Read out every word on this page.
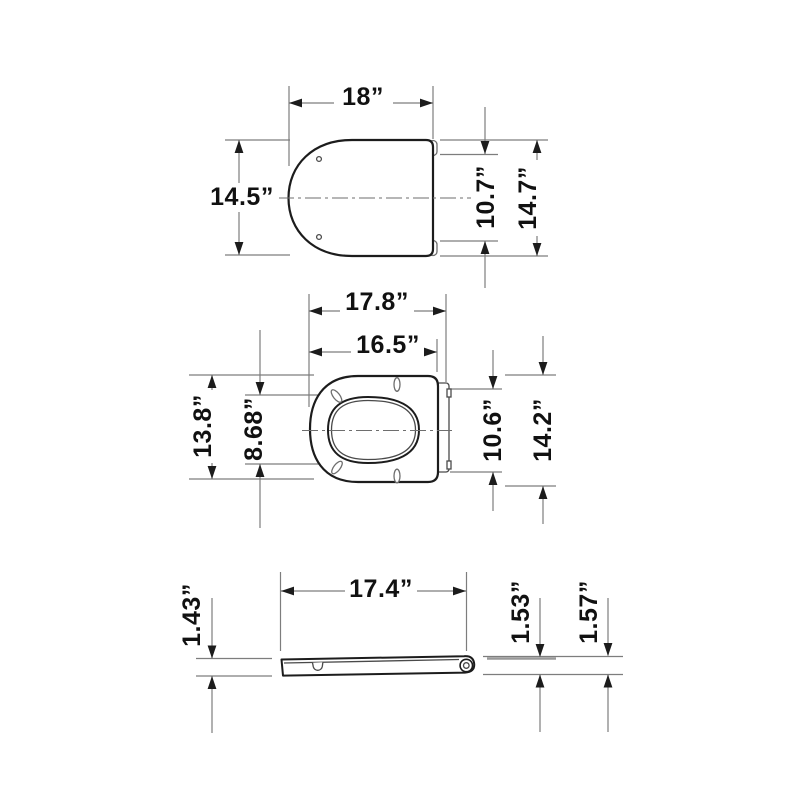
18”
14.5”	10.7” 14.7”
17.8”
16.5”
13.8” 8.68”	10.6” 14.2”
17.4”
1.43”	1.53” 1.57”
